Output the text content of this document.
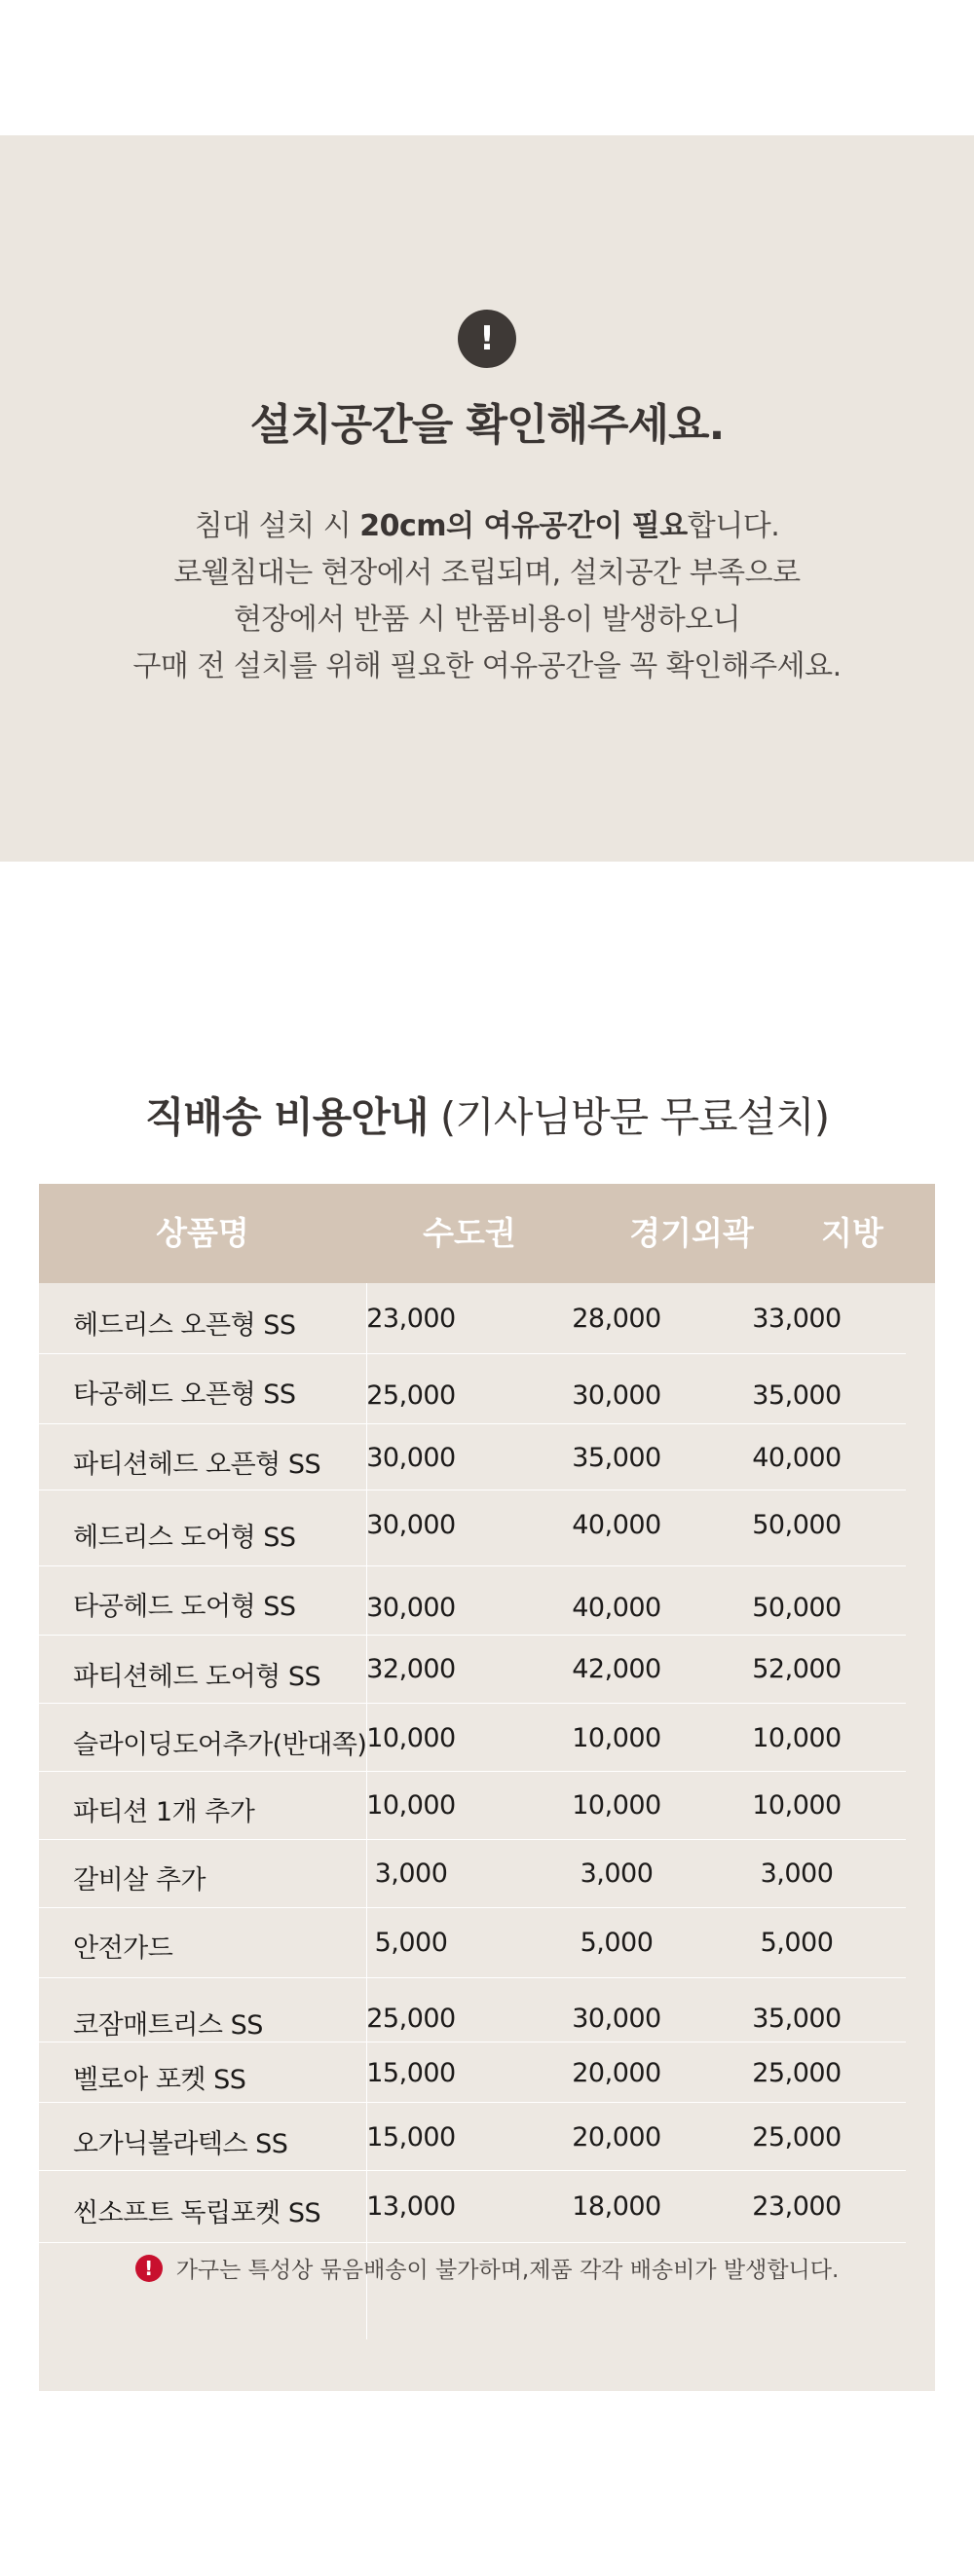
!
설치공간을 확인해주세요.

침대 설치 시 20cm의 여유공간이 필요합니다.

로웰침대는 현장에서 조립되며, 설치공간 부족으로

현장에서 반품 시 반품비용이 발생하오니

구매 전 설치를 위해 필요한 여유공간을 꼭 확인해주세요.

직배송 비용안내 (기사님방문 무료설치)
상품명	수도권	경기외곽	지방
헤드리스 오픈형 SS	23,000	28,000	33,000
타공헤드 오픈형 SS	25,000	30,000	35,000
파티션헤드 오픈형 SS	30,000	35,000	40,000
헤드리스 도어형 SS	30,000	40,000	50,000
타공헤드 도어형 SS	30,000	40,000	50,000
파티션헤드 도어형 SS	32,000	42,000	52,000
슬라이딩도어추가(반대쪽) 10,000	10,000	10,000
파티션 1개 추가	10,000	10,000	10,000
갈비살 추가	3,000	3,000	3,000
안전가드	5,000	5,000	5,000
코잠매트리스 SS	25,000	30,000	35,000
벨로아 포켓 SS	15,000	20,000	25,000
오가닉볼라텍스 SS	15,000	20,000	25,000
씬소프트 독립포켓 SS	13,000	18,000	23,000
! 가구는 특성상 묶음배송이 불가하며,제품 각각 배송비가 발생합니다.
